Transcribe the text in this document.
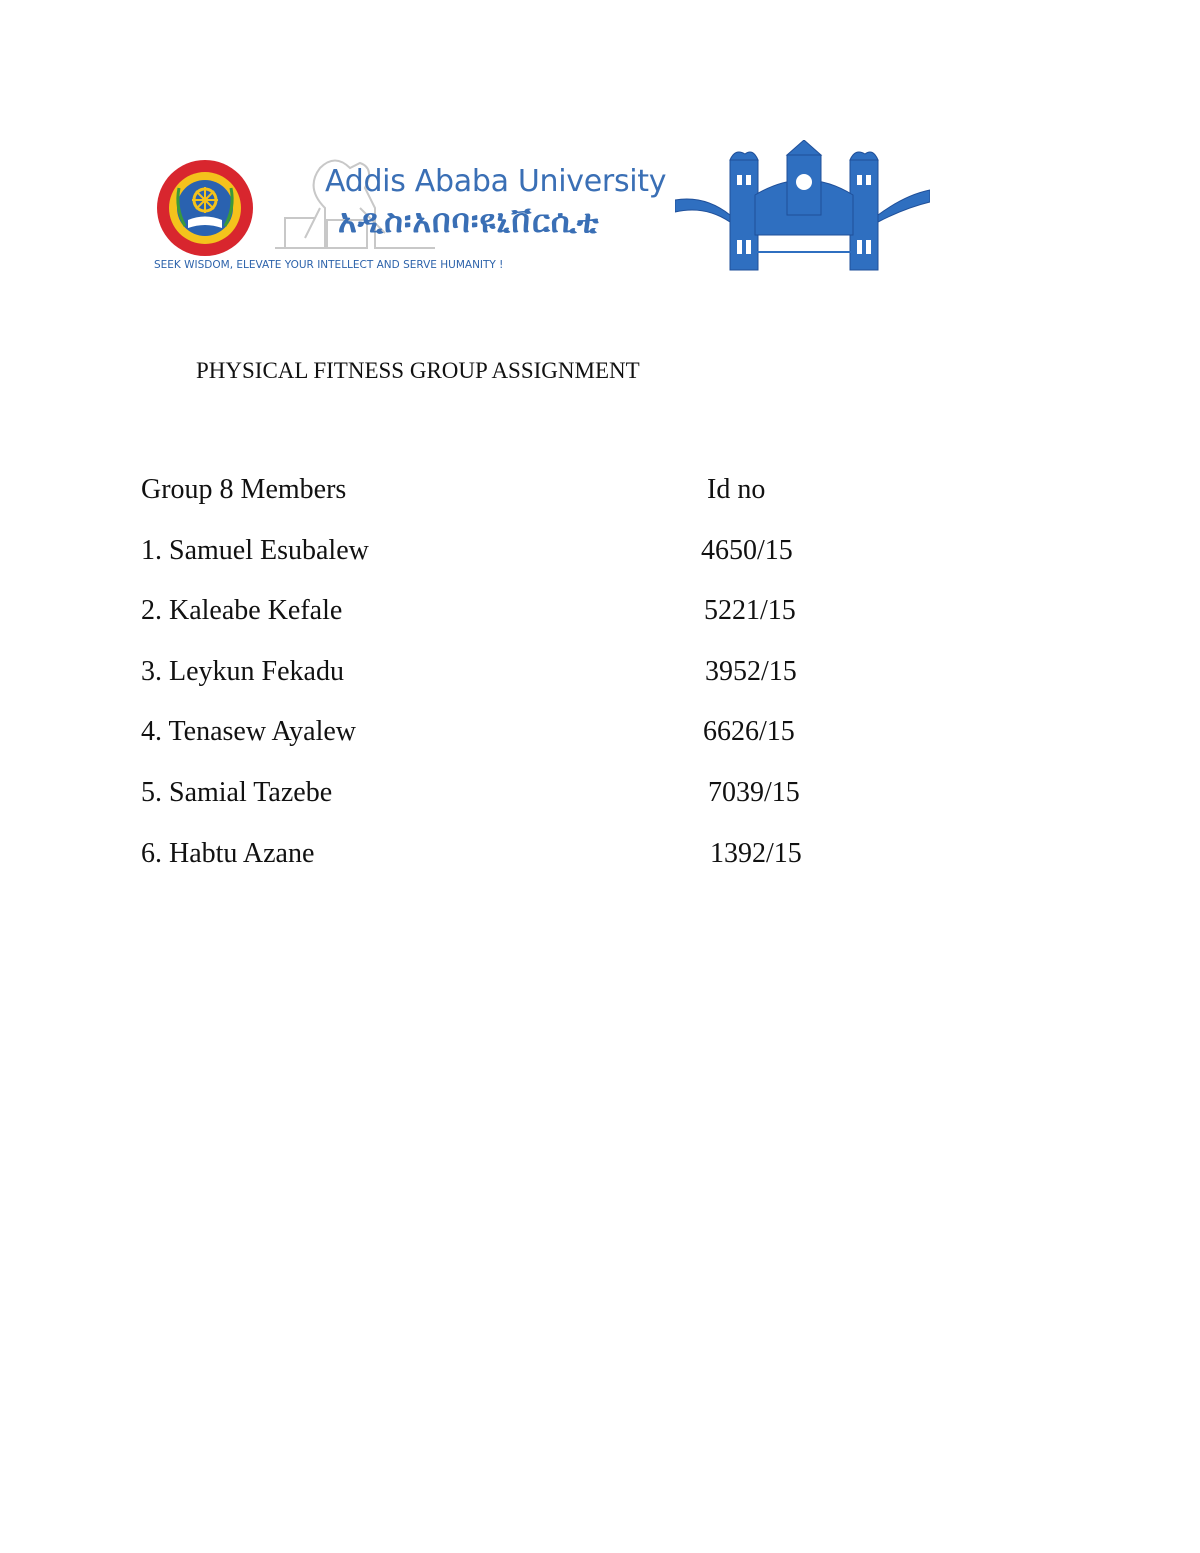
Addis Ababa University
አዲስ፡አበባ፡ዩኒቨርሲቲ
SEEK WISDOM, ELEVATE YOUR INTELLECT AND SERVE HUMANITY !
PHYSICAL FITNESS GROUP ASSIGNMENT
Group 8 Members	Id no
1. Samuel Esubalew	4650/15
2. Kaleabe Kefale	5221/15
3. Leykun Fekadu	3952/15
4. Tenasew Ayalew	6626/15
5. Samial Tazebe	7039/15
6. Habtu Azane	1392/15
